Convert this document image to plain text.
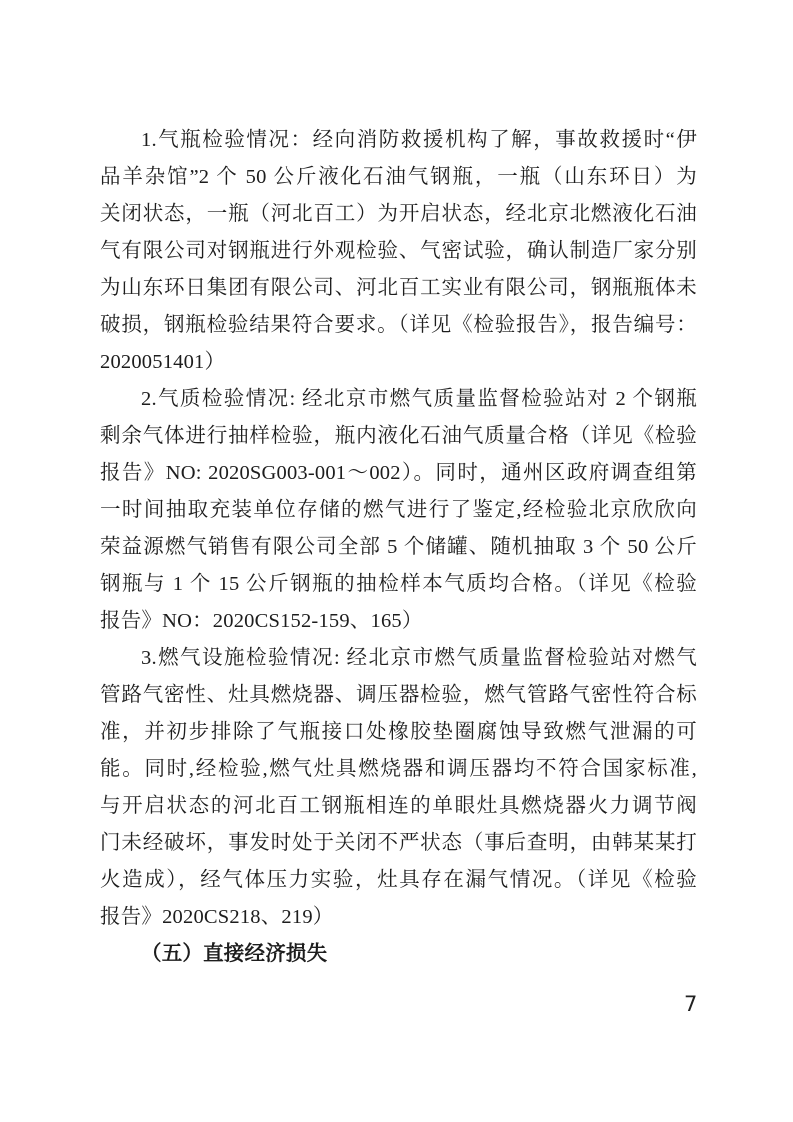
1.气瓶检验情况：经向消防救援机构了解，事故救援时“伊
品羊杂馆”2 个 50 公斤液化石油气钢瓶，一瓶（山东环日）为
关闭状态，一瓶（河北百工）为开启状态，经北京北燃液化石油
气有限公司对钢瓶进行外观检验、气密试验，确认制造厂家分别
为山东环日集团有限公司、河北百工实业有限公司，钢瓶瓶体未
破损，钢瓶检验结果符合要求。（详见《检验报告》，报告编号：
2020051401）
2.气质检验情况: 经北京市燃气质量监督检验站对 2 个钢瓶
剩余气体进行抽样检验，瓶内液化石油气质量合格（详见《检验
报告》NO: 2020SG003-001～002）。同时，通州区政府调查组第
一时间抽取充装单位存储的燃气进行了鉴定,经检验北京欣欣向
荣益源燃气销售有限公司全部 5 个储罐、随机抽取 3 个 50 公斤
钢瓶与 1 个 15 公斤钢瓶的抽检样本气质均合格。（详见《检验
报告》NO：2020CS152-159、165）
3.燃气设施检验情况: 经北京市燃气质量监督检验站对燃气
管路气密性、灶具燃烧器、调压器检验，燃气管路气密性符合标
准，并初步排除了气瓶接口处橡胶垫圈腐蚀导致燃气泄漏的可
能。同时,经检验,燃气灶具燃烧器和调压器均不符合国家标准,
与开启状态的河北百工钢瓶相连的单眼灶具燃烧器火力调节阀
门未经破坏，事发时处于关闭不严状态（事后查明，由韩某某打
火造成），经气体压力实验，灶具存在漏气情况。（详见《检验
报告》2020CS218、219）
（五）直接经济损失
7
